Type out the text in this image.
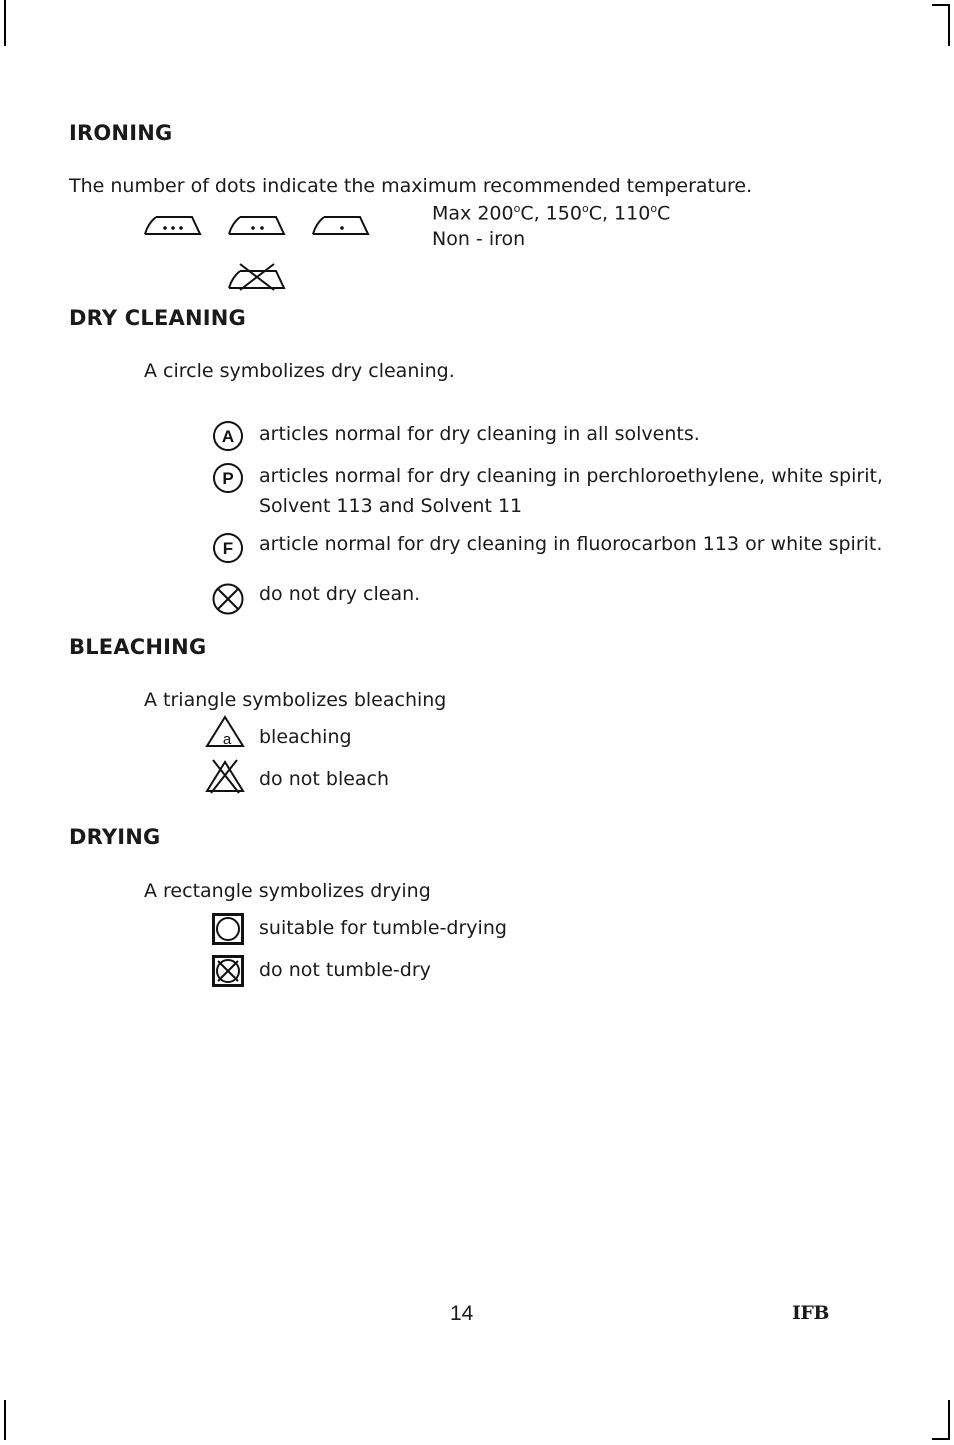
IRONING
The number of dots indicate the maximum recommended temperature.
Max 200$^o$C, 150$^o$C, 110$^o$C
Non - iron
DRY CLEANING
A circle symbolizes dry cleaning.
A articles normal for dry cleaning in all solvents.
P articles normal for dry cleaning in perchloroethylene, white spirit,
Solvent 113 and Solvent 11
F article normal for dry cleaning in fluorocarbon 113 or white spirit.
do not dry clean.
BLEACHING
A triangle symbolizes bleaching
a bleaching
do not bleach
DRYING
A rectangle symbolizes drying
suitable for tumble-drying
do not tumble-dry
14	IFB
